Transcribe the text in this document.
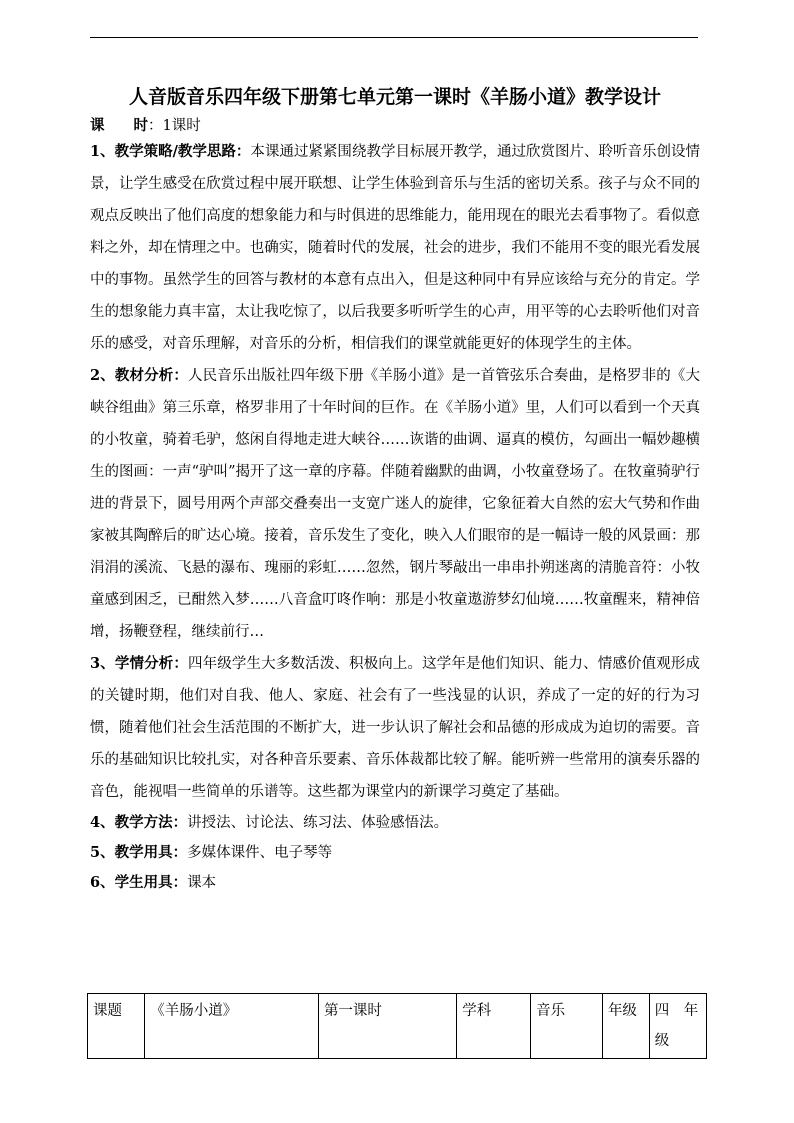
人音版音乐四年级下册第七单元第一课时《羊肠小道》教学设计
课　　时：1课时

1、教学策略/教学思路：本课通过紧紧围绕教学目标展开教学，通过欣赏图片、聆听音乐创设情景，让学生感受在欣赏过程中展开联想、让学生体验到音乐与生活的密切关系。孩子与众不同的观点反映出了他们高度的想象能力和与时俱进的思维能力，能用现在的眼光去看事物了。看似意料之外，却在情理之中。也确实，随着时代的发展，社会的进步，我们不能用不变的眼光看发展中的事物。虽然学生的回答与教材的本意有点出入，但是这种同中有异应该给与充分的肯定。学生的想象能力真丰富，太让我吃惊了，以后我要多听听学生的心声，用平等的心去聆听他们对音乐的感受，对音乐理解，对音乐的分析，相信我们的课堂就能更好的体现学生的主体。

2、教材分析：人民音乐出版社四年级下册《羊肠小道》是一首管弦乐合奏曲，是格罗非的《大峡谷组曲》第三乐章，格罗非用了十年时间的巨作。在《羊肠小道》里，人们可以看到一个天真的小牧童，骑着毛驴，悠闲自得地走进大峡谷……诙谐的曲调、逼真的模仿，勾画出一幅妙趣横生的图画：一声“驴叫”揭开了这一章的序幕。伴随着幽默的曲调，小牧童登场了。在牧童骑驴行进的背景下，圆号用两个声部交叠奏出一支宽广迷人的旋律，它象征着大自然的宏大气势和作曲家被其陶醉后的旷达心境。接着，音乐发生了变化，映入人们眼帘的是一幅诗一般的风景画：那涓涓的溪流、飞悬的瀑布、瑰丽的彩虹……忽然，钢片琴敲出一串串扑朔迷离的清脆音符：小牧童感到困乏，已酣然入梦……八音盒叮咚作响：那是小牧童遨游梦幻仙境……牧童醒来，精神倍增，扬鞭登程，继续前行…

3、学情分析：四年级学生大多数活泼、积极向上。这学年是他们知识、能力、情感价值观形成的关键时期，他们对自我、他人、家庭、社会有了一些浅显的认识，养成了一定的好的行为习惯，随着他们社会生活范围的不断扩大，进一步认识了解社会和品德的形成成为迫切的需要。音乐的基础知识比较扎实，对各种音乐要素、音乐体裁都比较了解。能听辨一些常用的演奏乐器的音色，能视唱一些简单的乐谱等。这些都为课堂内的新课学习奠定了基础。

4、教学方法：讲授法、讨论法、练习法、体验感悟法。

5、教学用具：多媒体课件、电子琴等

6、学生用具：课本

课题	《羊肠小道》	第一课时	学科	音乐	年级	四　年级
